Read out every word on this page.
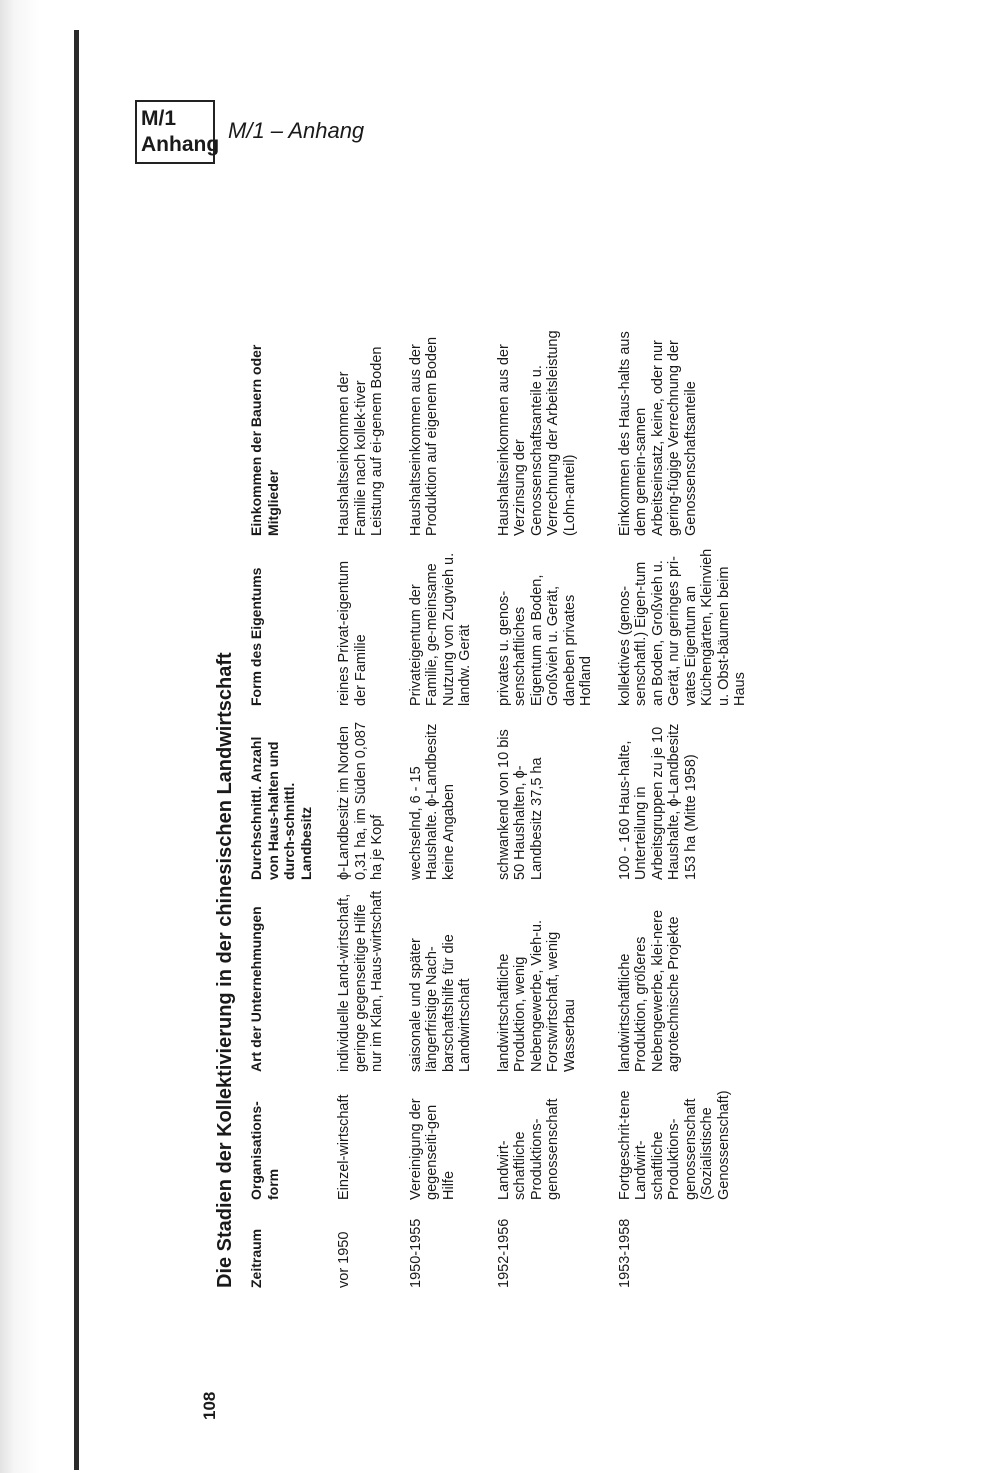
M/1
Anhang
M/1 – Anhang
108
Die Stadien der Kollektivierung in der chinesischen Landwirtschaft Zeitraum	Organisations-form	Art der Unternehmungen	Durchschnittl. Anzahl von Haus-halten und durch-schnittl. Landbesitz	Form des Eigentums	Einkommen der Bauern oder Mitglieder
vor 1950	Einzel-wirtschaft	individuelle Land-wirtschaft, geringe gegenseitige Hilfe nur im Klan, Haus-wirtschaft	ϕ-Landbesitz im Norden 0,31 ha, im Süden 0,087 ha je Kopf	reines Privat-eigentum der Familie	Haushaltseinkommen der Familie nach kollek-tiver Leistung auf ei-genem Boden
1950-1955	Vereinigung der gegenseiti-gen Hilfe	saisonale und später längerfristige Nach-barschaftshilfe für die Landwirtschaft	wechselnd, 6 - 15 Haushalte. ϕ-Landbesitz keine Angaben	Privateigentum der Familie, ge-meinsame Nutzung von Zugvieh u. landw. Gerät	Haushaltseinkommen aus der Produktion auf eigenem Boden
1952-1956	Landwirt-schaftliche Produktions-genossenschaft	landwirtschaftliche Produktion, wenig Nebengewerbe, Vieh-u. Forstwirtschaft, wenig Wasserbau	schwankend von 10 bis 50 Haushalten, ϕ-Landbesitz 37,5 ha	privates u. genos-senschaftliches Eigentum an Boden, Großvieh u. Gerät, daneben privates Hofland	Haushaltseinkommen aus der Verzinsung der Genossenschaftsanteile u. Verrechnung der Arbeitsleistung (Lohn-anteil)
1953-1958	Fortgeschrit-tene Landwirt-schaftliche Produktions-genossenschaft (Sozialistische Genossenschaft)	landwirtschaftliche Produktion, größeres Nebengewerbe, klei-nere agrotechnische Projekte	100 - 160 Haus-halte, Unterteilung in Arbeitsgruppen zu je 10 Haushalte, ϕ-Landbesitz 153 ha (Mitte 1958)	kollektives (genos-senschaftl.) Eigen-tum an Boden, Großvieh u. Gerät, nur geringes pri-vates Eigentum an Küchengärten, Kleinvieh u. Obst-bäumen beim Haus	Einkommen des Haus-halts aus dem gemein-samen Arbeitseinsatz, keine, oder nur gering-fügige Verrechnung der Genossenschaftsanteile
